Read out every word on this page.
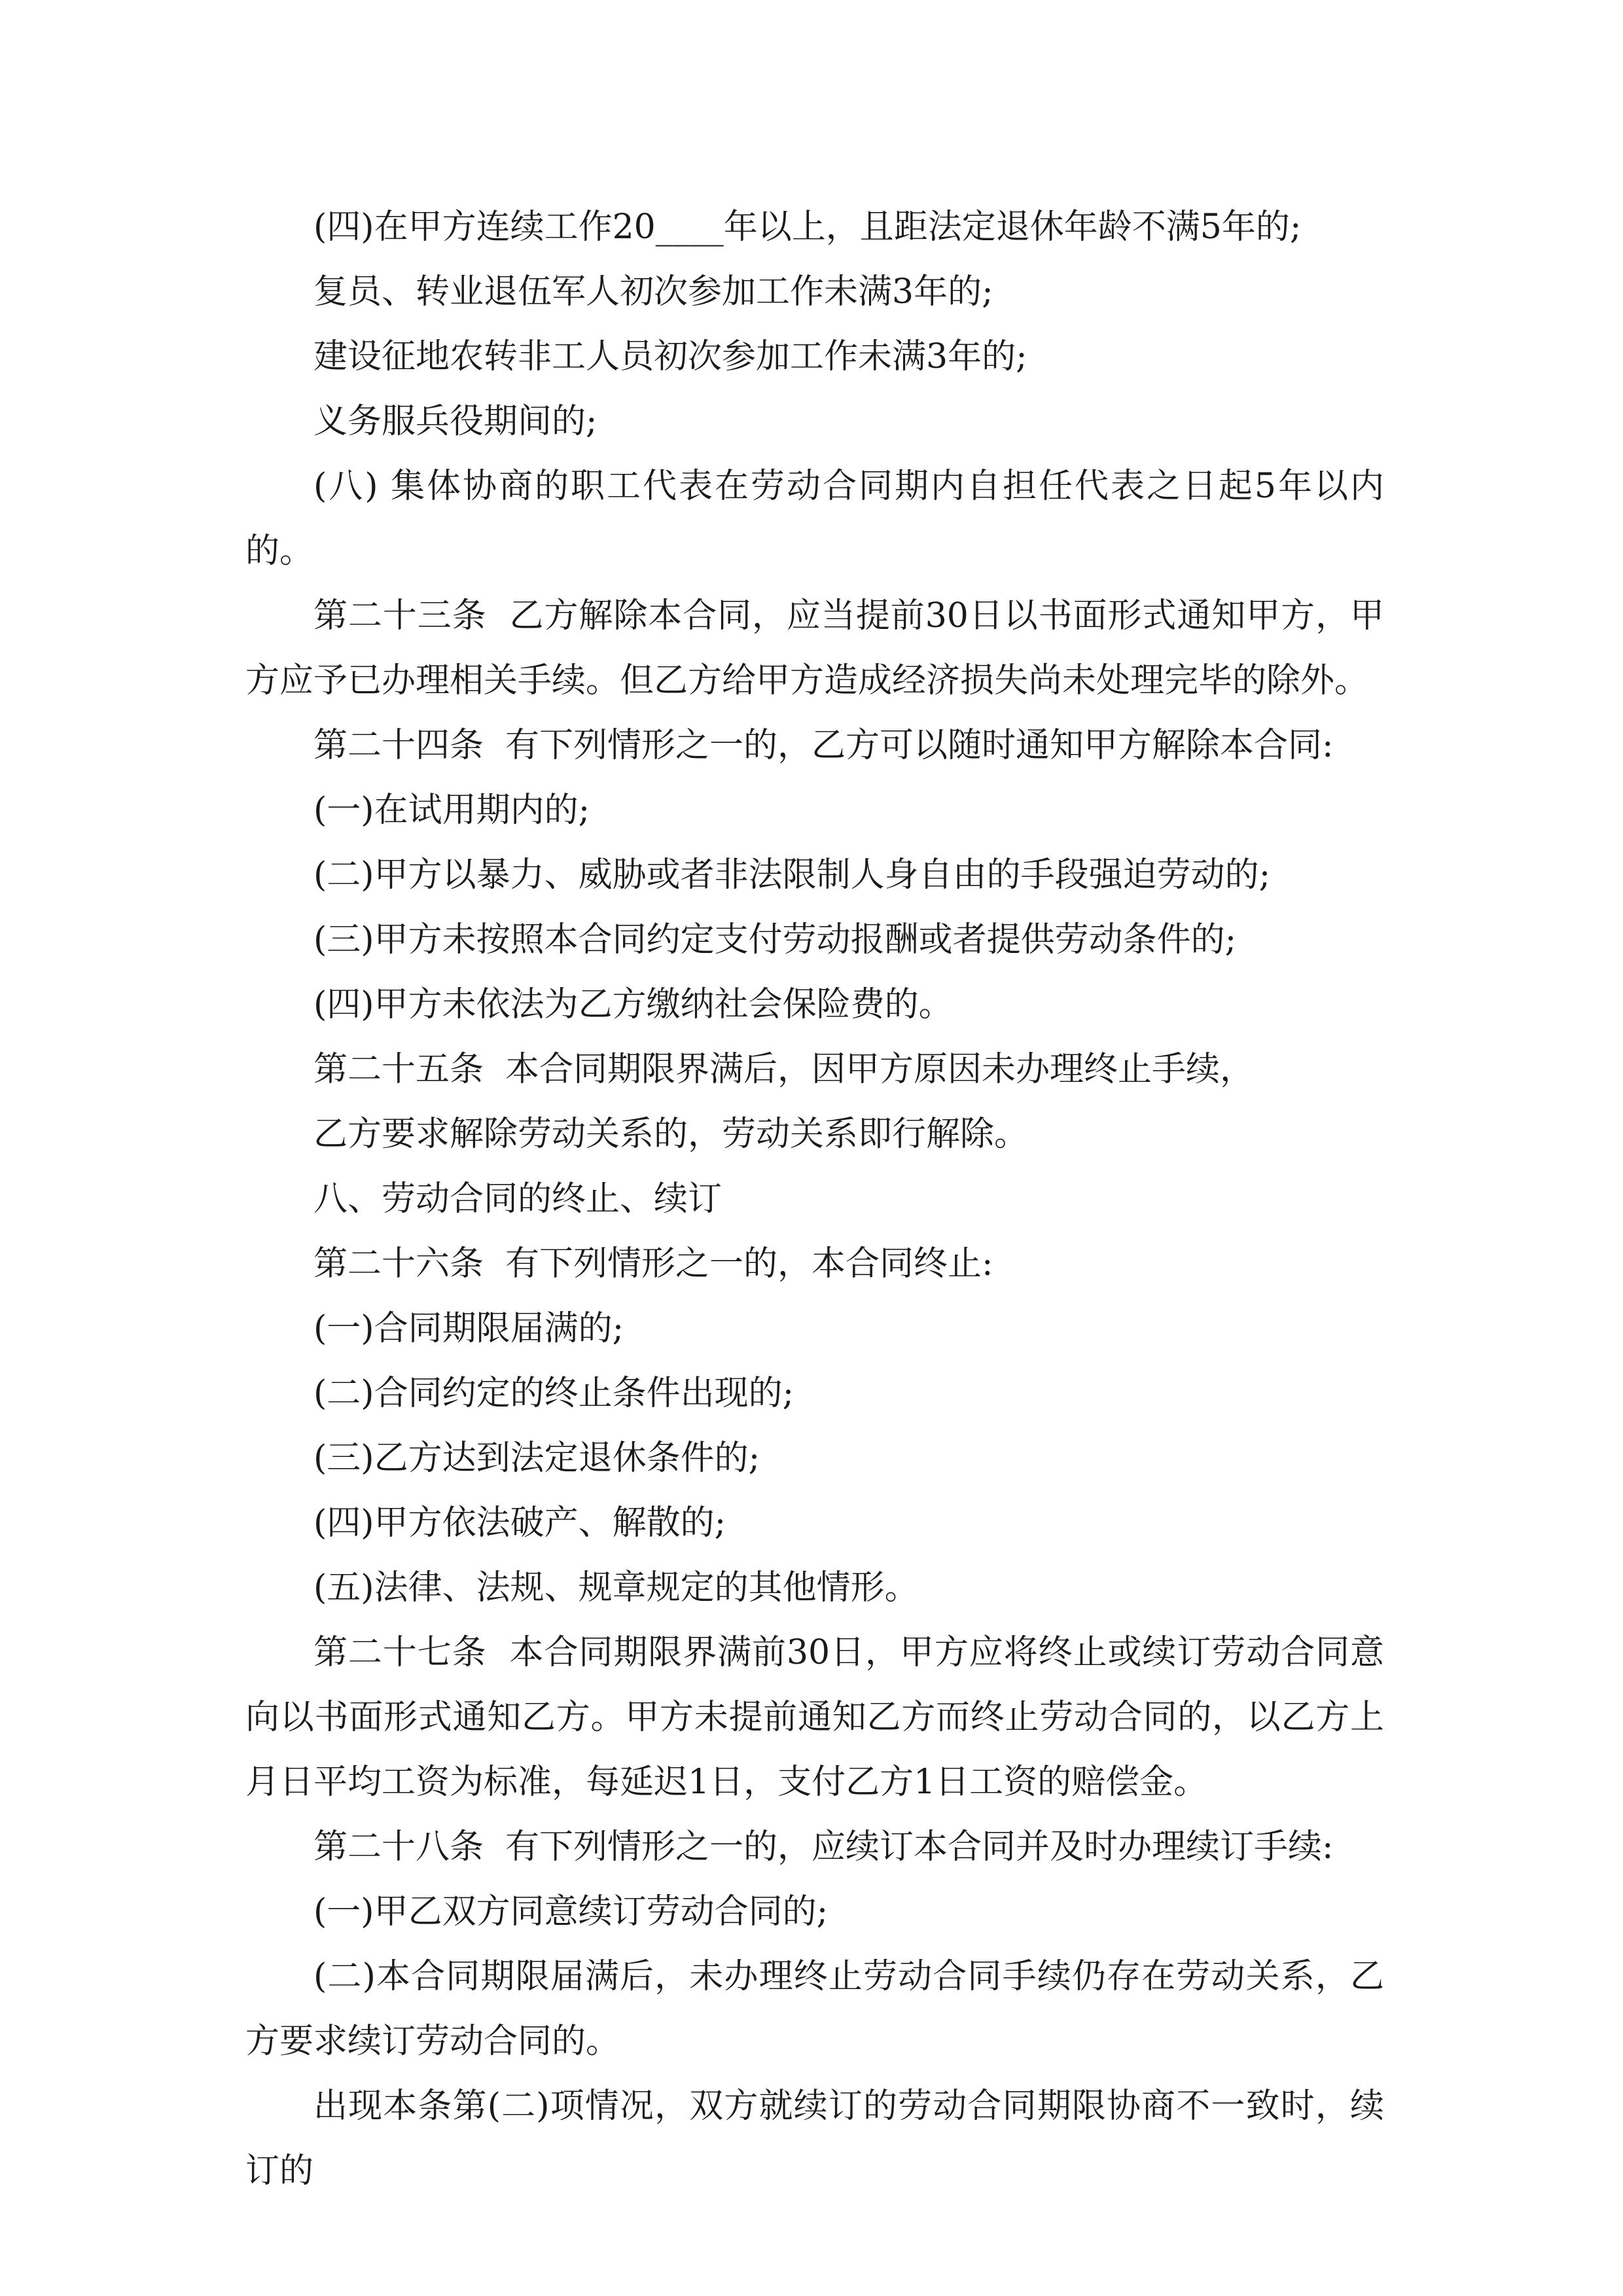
(四)在甲方连续工作20____年以上，且距法定退休年龄不满5年的;

复员、转业退伍军人初次参加工作未满3年的;

建设征地农转非工人员初次参加工作未满3年的;

义务服兵役期间的;

(八) 集体协商的职工代表在劳动合同期内自担任代表之日起5年以内的。

第二十三条  乙方解除本合同，应当提前30日以书面形式通知甲方，甲方应予已办理相关手续。但乙方给甲方造成经济损失尚未处理完毕的除外。

第二十四条  有下列情形之一的，乙方可以随时通知甲方解除本合同:

(一)在试用期内的;

(二)甲方以暴力、威胁或者非法限制人身自由的手段强迫劳动的;

(三)甲方未按照本合同约定支付劳动报酬或者提供劳动条件的;

(四)甲方未依法为乙方缴纳社会保险费的。

第二十五条  本合同期限界满后，因甲方原因未办理终止手续，

乙方要求解除劳动关系的，劳动关系即行解除。

八、劳动合同的终止、续订

第二十六条  有下列情形之一的，本合同终止:

(一)合同期限届满的;

(二)合同约定的终止条件出现的;

(三)乙方达到法定退休条件的;

(四)甲方依法破产、解散的;

(五)法律、法规、规章规定的其他情形。

第二十七条  本合同期限界满前30日，甲方应将终止或续订劳动合同意向以书面形式通知乙方。甲方未提前通知乙方而终止劳动合同的，以乙方上月日平均工资为标准，每延迟1日，支付乙方1日工资的赔偿金。

第二十八条  有下列情形之一的，应续订本合同并及时办理续订手续:

(一)甲乙双方同意续订劳动合同的;

(二)本合同期限届满后，未办理终止劳动合同手续仍存在劳动关系，乙方要求续订劳动合同的。

出现本条第(二)项情况，双方就续订的劳动合同期限协商不一致时，续订的
